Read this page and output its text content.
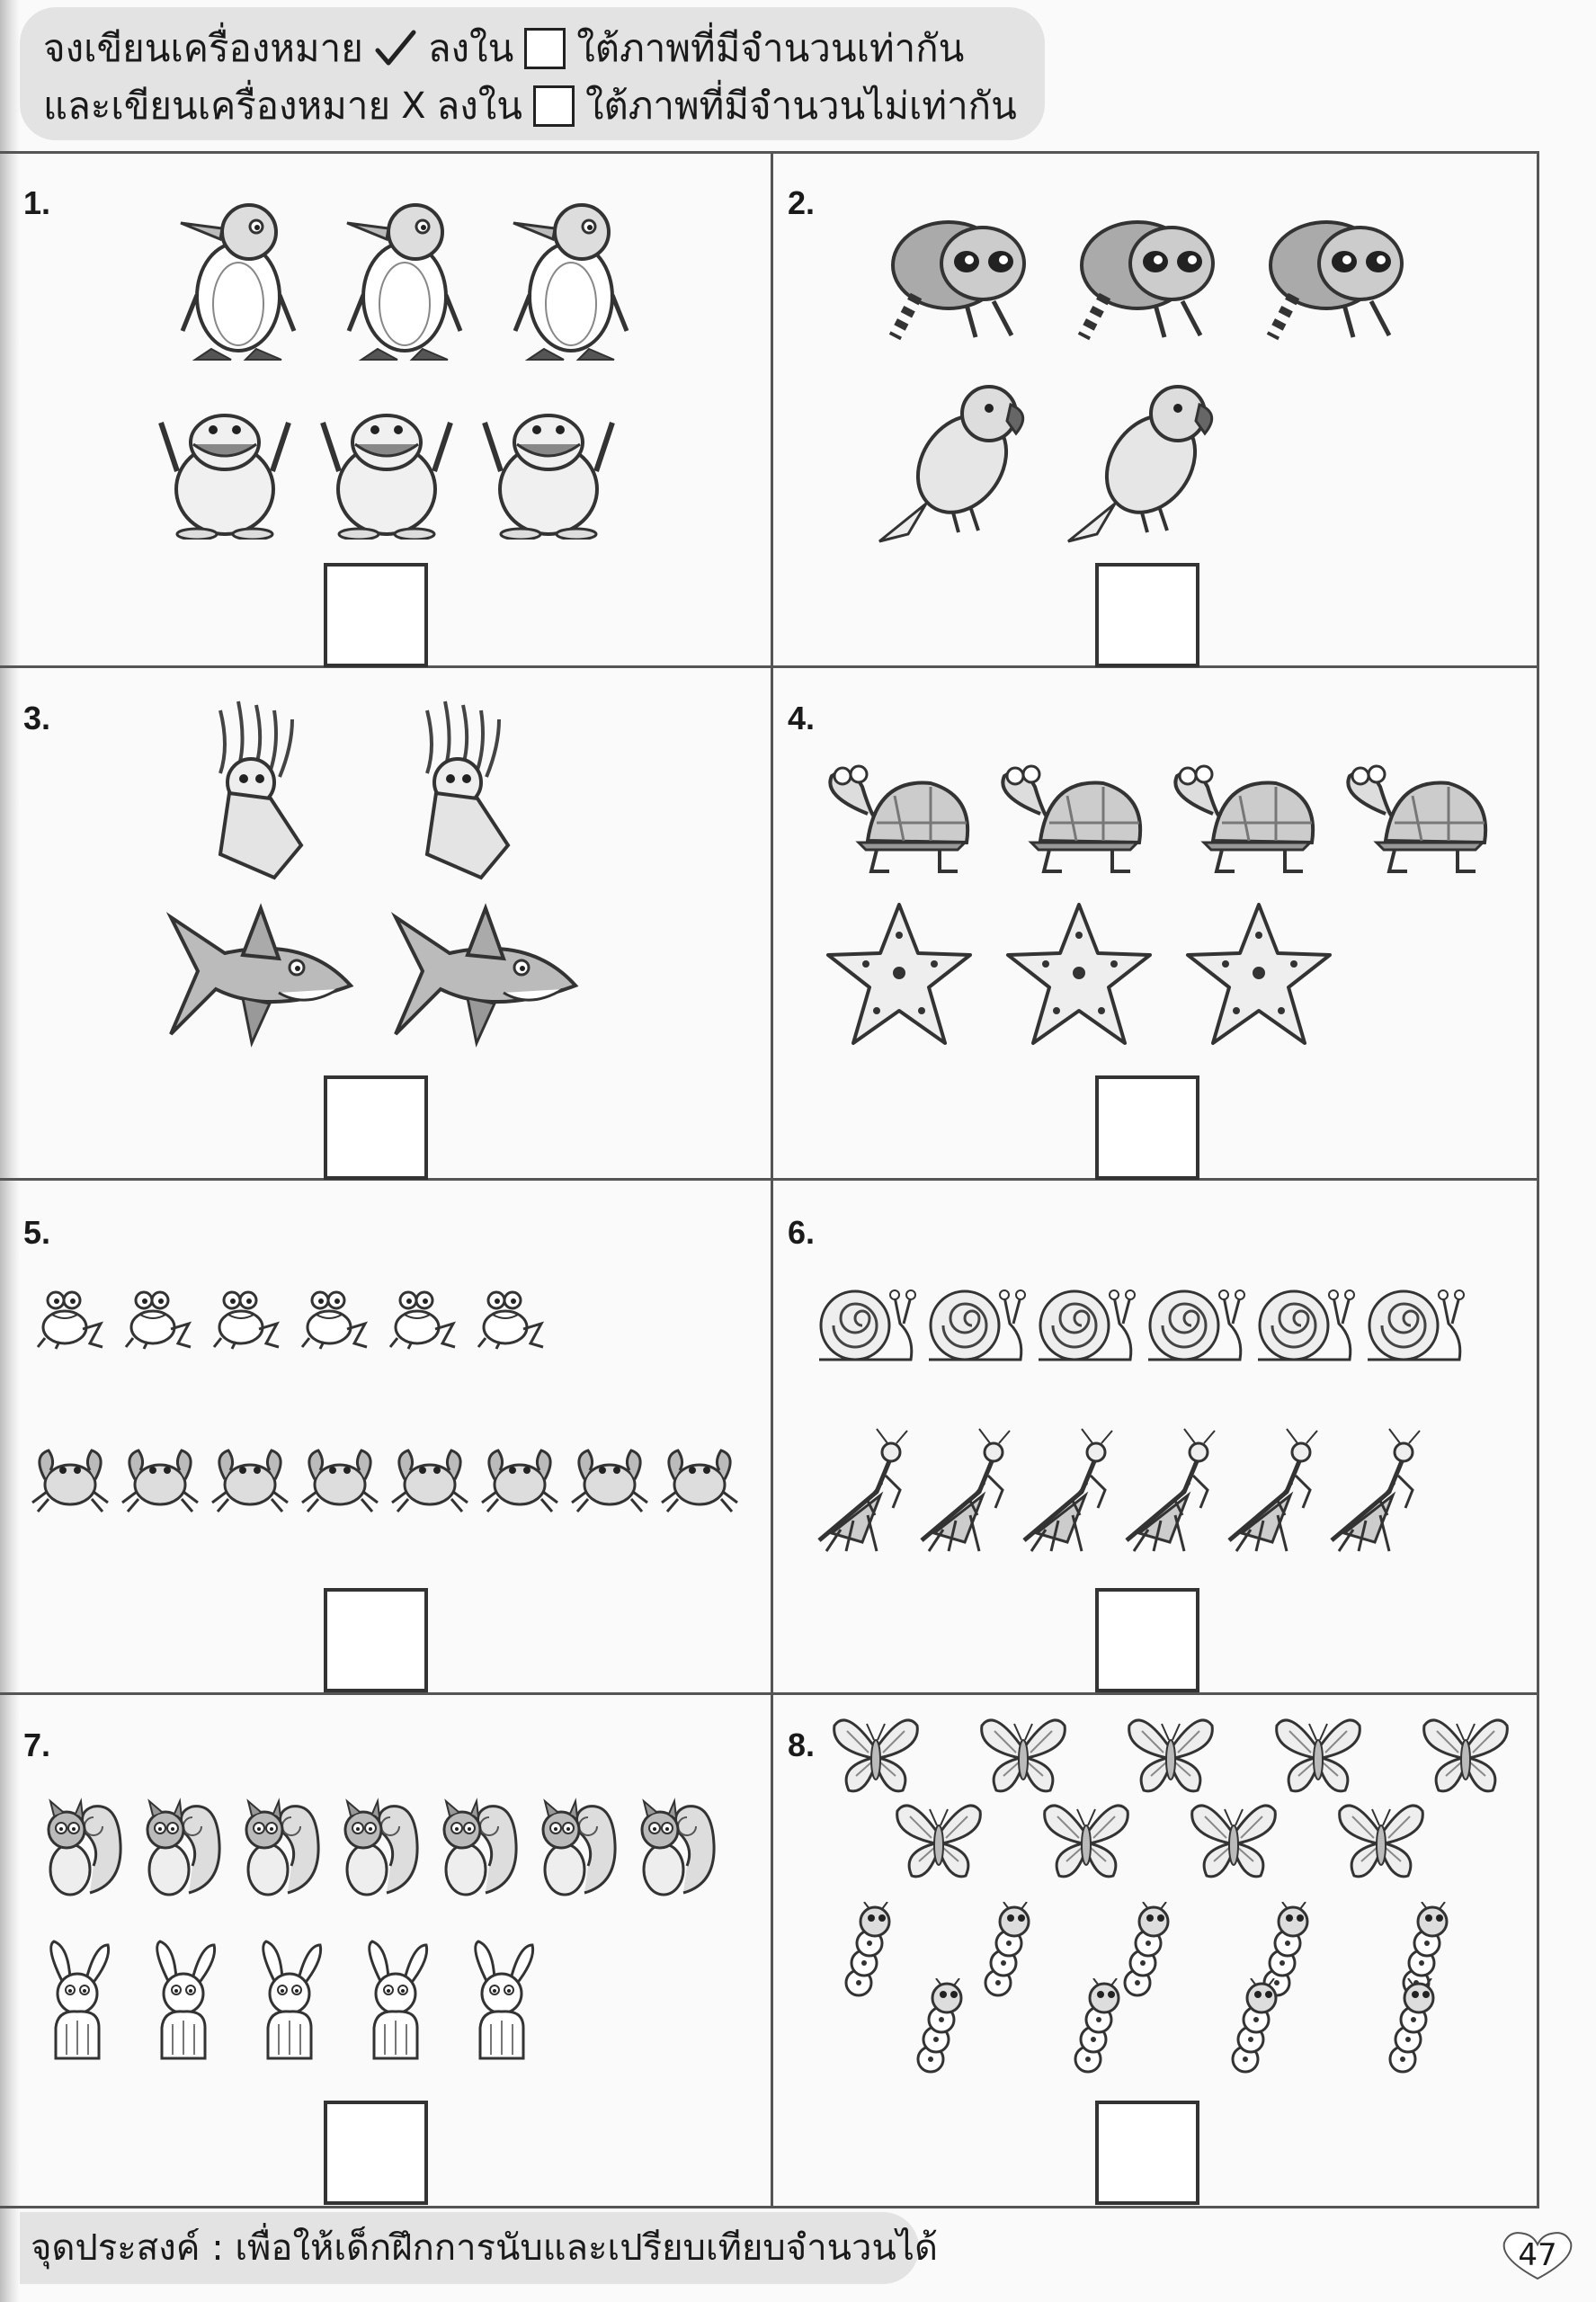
จงเขียนเครื่องหมาย ลงใน ใต้ภาพที่มีจำนวนเท่ากัน
และเขียนเครื่องหมาย X ลงใน ใต้ภาพที่มีจำนวนไม่เท่ากัน
1.	2.
3.	4.
5.	6.
7.	8.
จุดประสงค์ : เพื่อให้เด็กฝึกการนับและเปรียบเทียบจำนวนได้	47
